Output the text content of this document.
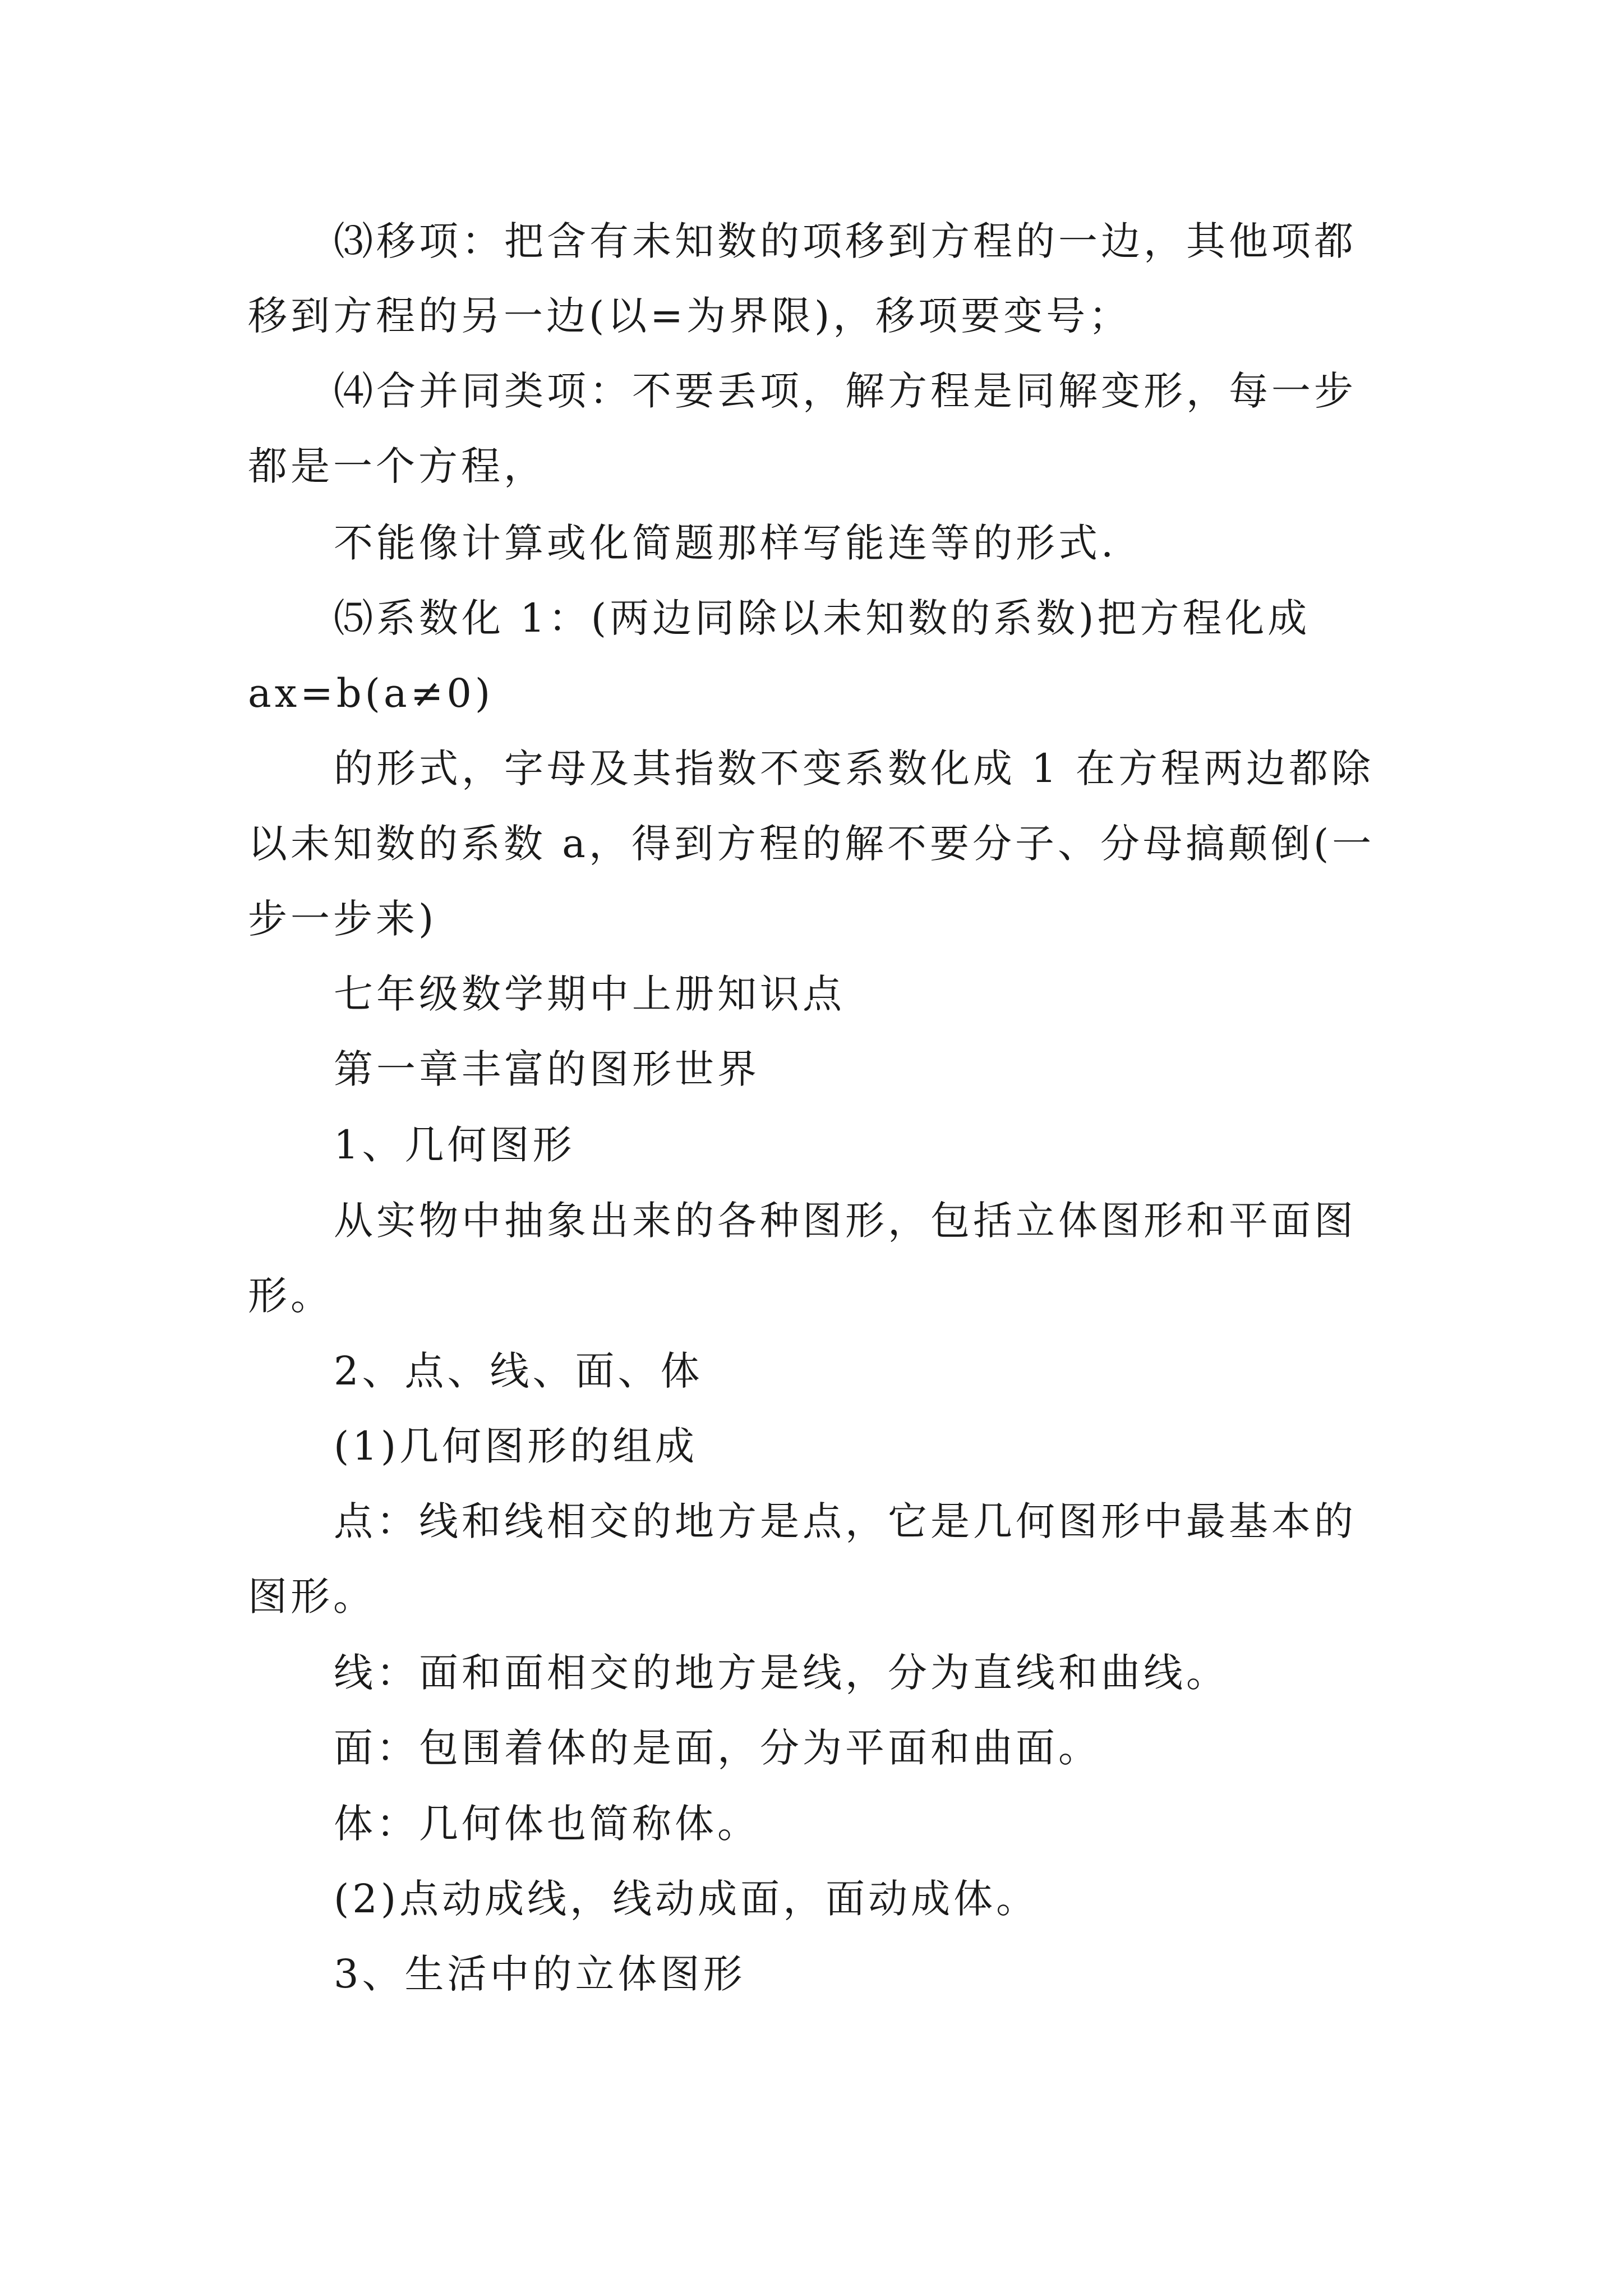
⑶移项：把含有未知数的项移到方程的一边，其他项都
移到方程的另一边(以=为界限)，移项要变号；
⑷合并同类项：不要丢项，解方程是同解变形，每一步
都是一个方程，
不能像计算或化简题那样写能连等的形式.
⑸系数化 1：(两边同除以未知数的系数)把方程化成
ax=b(a≠0)
的形式，字母及其指数不变系数化成 1 在方程两边都除
以未知数的系数 a，得到方程的解不要分子、分母搞颠倒(一
步一步来)
七年级数学期中上册知识点
第一章丰富的图形世界
1、几何图形
从实物中抽象出来的各种图形，包括立体图形和平面图
形。
2、点、线、面、体
(1)几何图形的组成
点：线和线相交的地方是点，它是几何图形中最基本的
图形。
线：面和面相交的地方是线，分为直线和曲线。
面：包围着体的是面，分为平面和曲面。
体：几何体也简称体。
(2)点动成线，线动成面，面动成体。
3、生活中的立体图形
